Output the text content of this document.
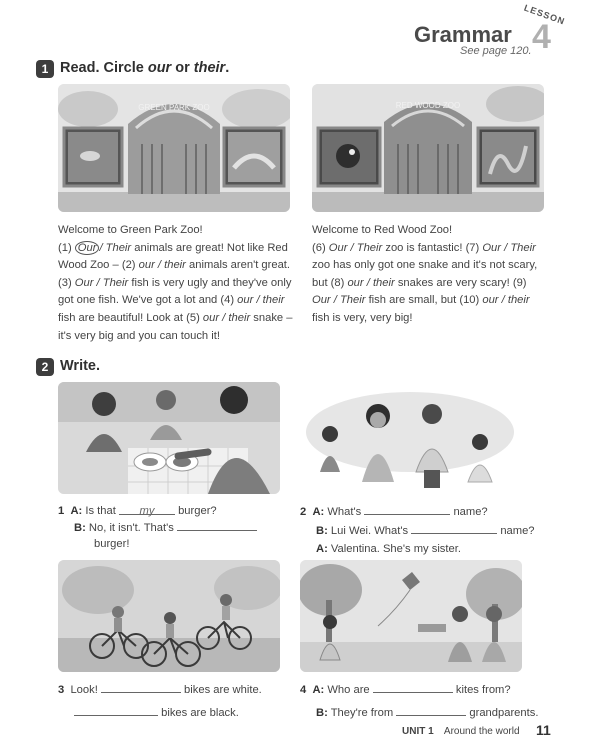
Grammar
See page 120.
LESSON
4
1 Read. Circle our or their.
GREEN PARK ZOO	RED WOOD ZOO
Welcome to Green Park Zoo!
(1) Our / Their animals are great! Not like Red Wood Zoo – (2) our / their animals aren't great. (3) Our / Their fish is very ugly and they've only got one fish. We've got a lot and (4) our / their fish are beautiful! Look at (5) our / their snake – it's very big and you can touch it!
Welcome to Red Wood Zoo!
(6) Our / Their zoo is fantastic! (7) Our / Their zoo has only got one snake and it's not scary, but (8) our / their snakes are very scary! (9) Our / Their fish are small, but (10) our / their fish is very, very big!
2 Write.
1 A: Is that my burger?
B: No, it isn't. That's
burger!
2 A: What's	name?
B: Lui Wei. What's	name?
A: Valentina. She's my sister.
3 Look!	bikes are white.
bikes are black.
4 A: Who are	kites from?
B: They're from	grandparents.
UNIT 1 Around the world 11
